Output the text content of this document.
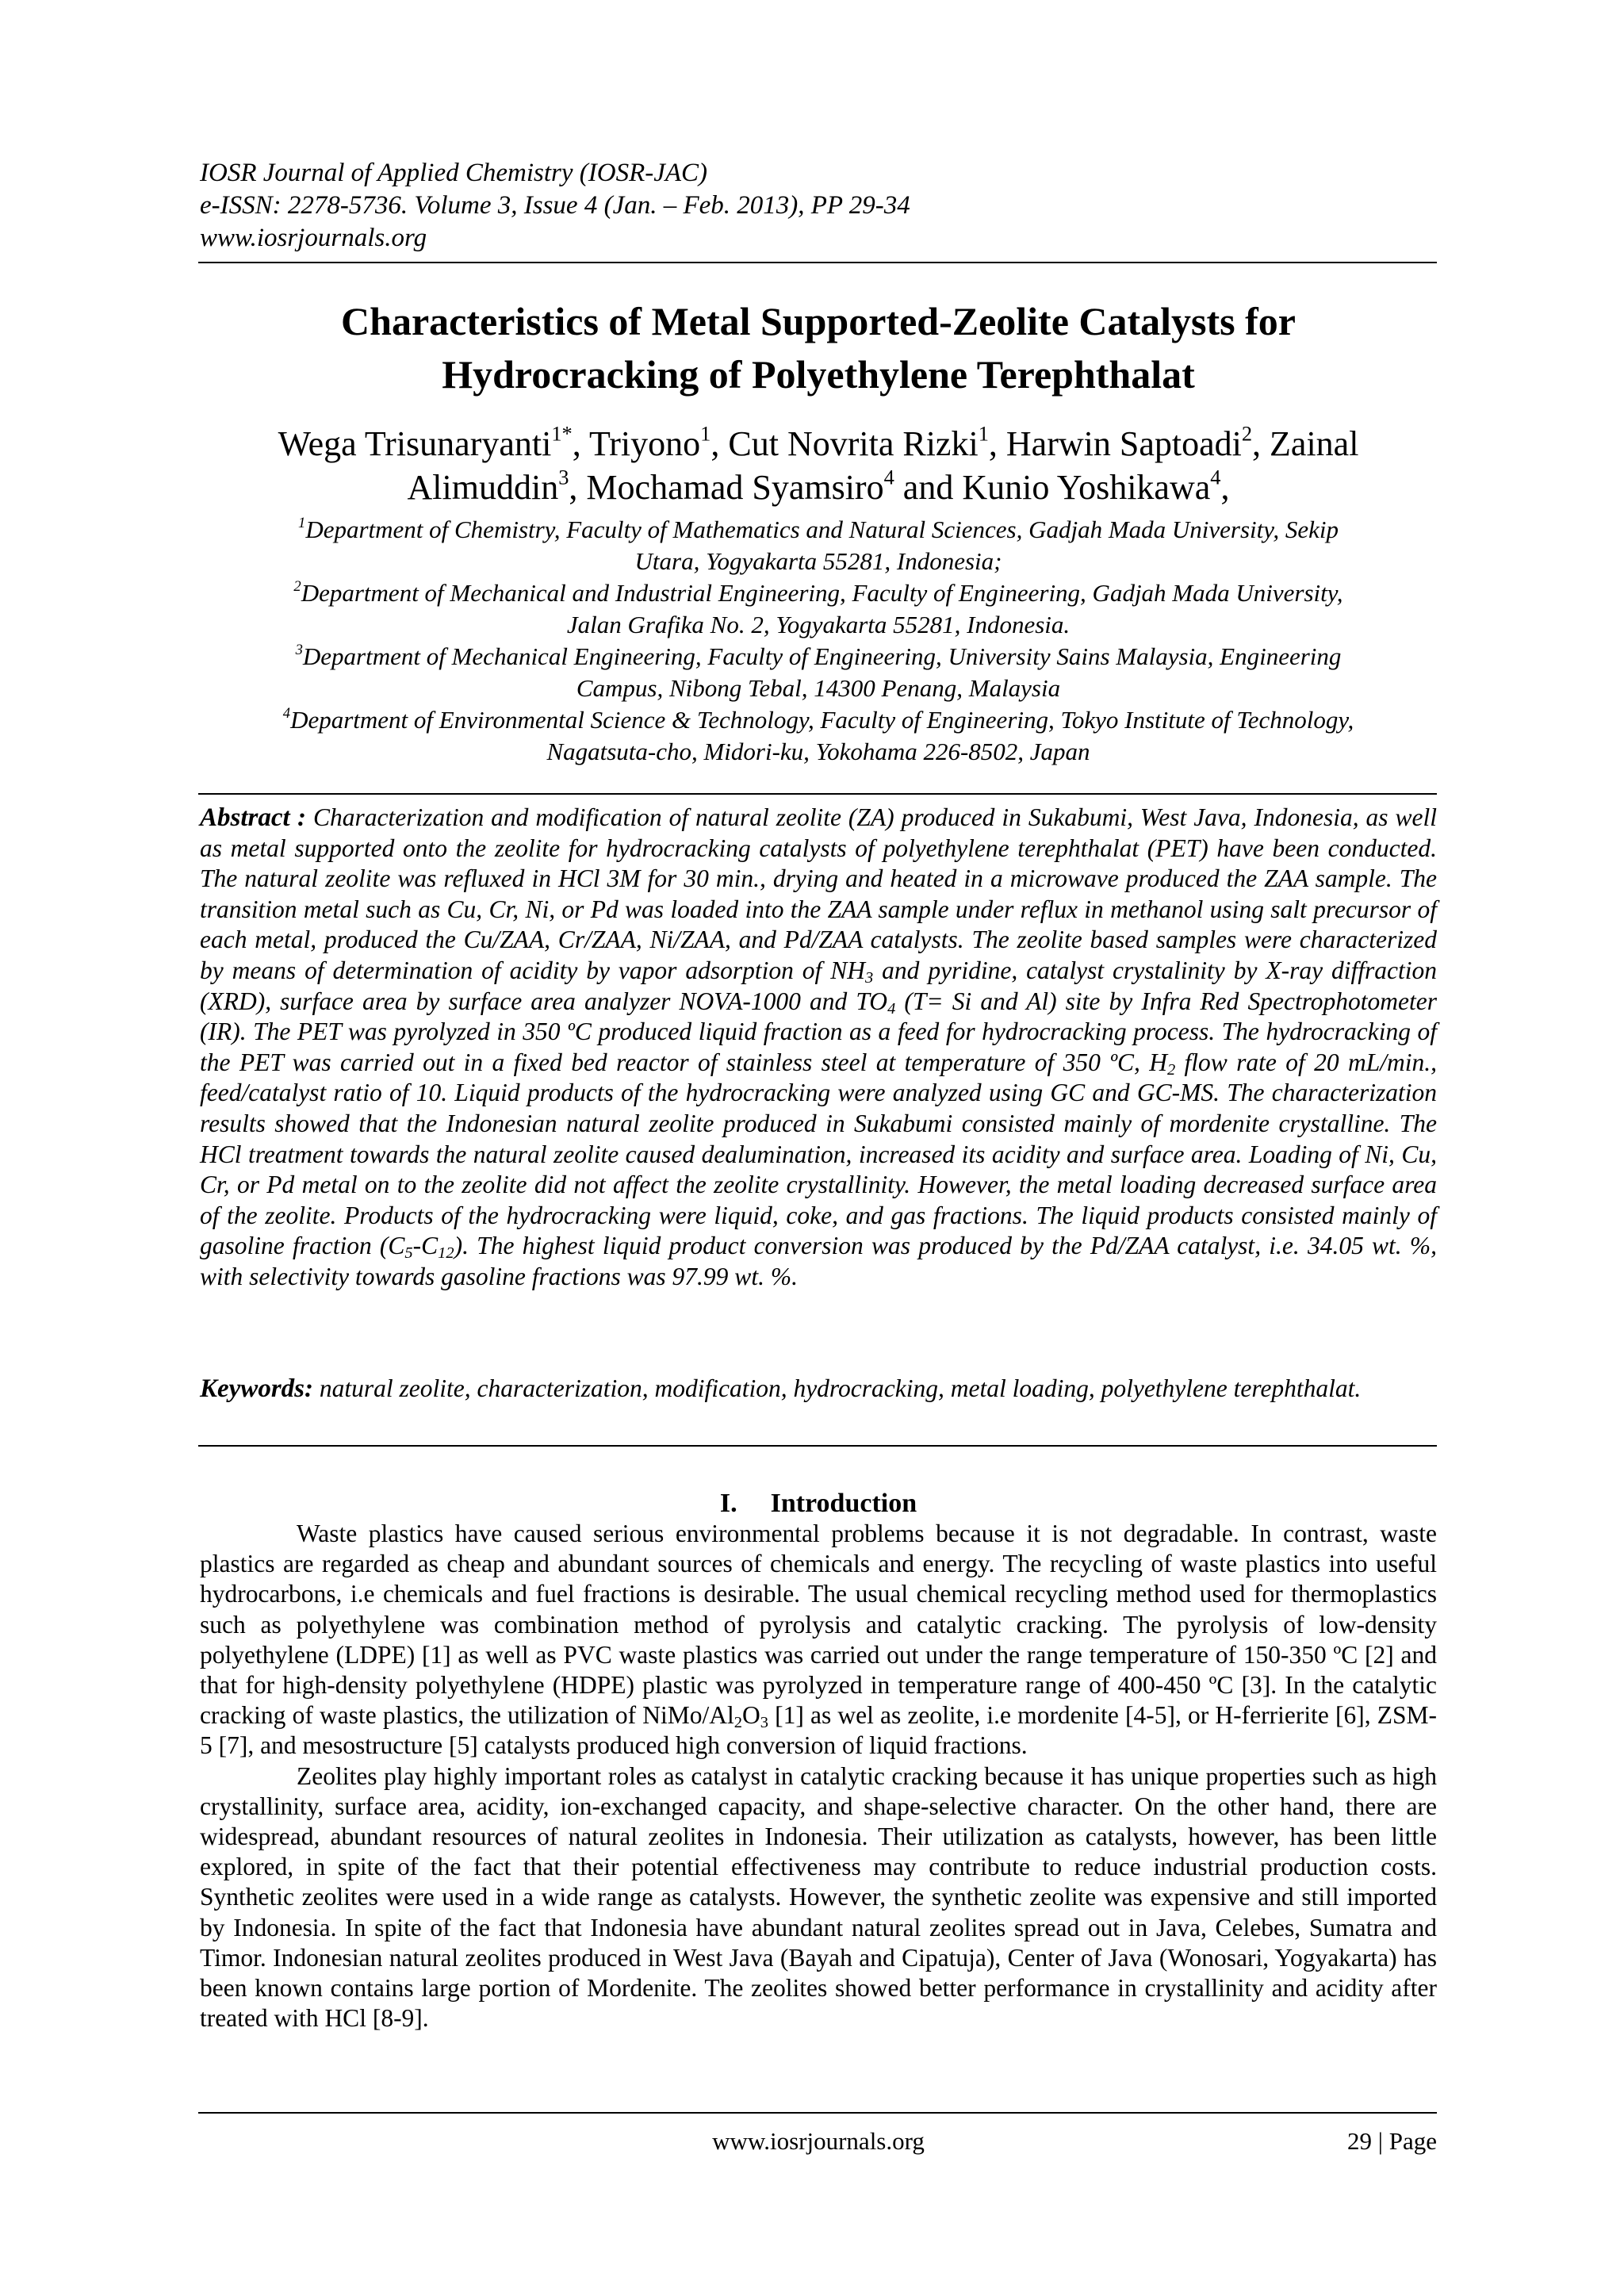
IOSR Journal of Applied Chemistry (IOSR-JAC)
e-ISSN: 2278-5736. Volume 3, Issue 4 (Jan. – Feb. 2013), PP 29-34
www.iosrjournals.org
Characteristics of Metal Supported-Zeolite Catalysts for
Hydrocracking of Polyethylene Terephthalat
Wega Trisunaryanti$^{1*}$, Triyono$^1$, Cut Novrita Rizki$^1$, Harwin Saptoadi$^2$, Zainal Alimuddin$^3$, Mochamad Syamsiro$^4$ and Kunio Yoshikawa$^4$,
$^1$Department of Chemistry, Faculty of Mathematics and Natural Sciences, Gadjah Mada University, Sekip
Utara, Yogyakarta 55281, Indonesia;
$^2$Department of Mechanical and Industrial Engineering, Faculty of Engineering, Gadjah Mada University,
Jalan Grafika No. 2, Yogyakarta 55281, Indonesia.
$^3$Department of Mechanical Engineering, Faculty of Engineering, University Sains Malaysia, Engineering
Campus, Nibong Tebal, 14300 Penang, Malaysia
$^4$Department of Environmental Science & Technology, Faculty of Engineering, Tokyo Institute of Technology,
Nagatsuta-cho, Midori-ku, Yokohama 226-8502, Japan

Abstract : Characterization and modification of natural zeolite (ZA) produced in Sukabumi, West Java, Indonesia, as well as metal supported onto the zeolite for hydrocracking catalysts of polyethylene terephthalat (PET) have been conducted. The natural zeolite was refluxed in HCl 3M for 30 min., drying and heated in a microwave produced the ZAA sample. The transition metal such as Cu, Cr, Ni, or Pd was loaded into the ZAA sample under reflux in methanol using salt precursor of each metal, produced the Cu/ZAA, Cr/ZAA, Ni/ZAA, and Pd/ZAA catalysts. The zeolite based samples were characterized by means of determination of acidity by vapor adsorption of $NH_3$ and pyridine, catalyst crystalinity by X-ray diffraction (XRD), surface area by surface area analyzer NOVA-1000 and $TO_4$ (T= Si and Al) site by Infra Red Spectrophotometer (IR). The PET was pyrolyzed in 350 ºC produced liquid fraction as a feed for hydrocracking process. The hydrocracking of the PET was carried out in a fixed bed reactor of stainless steel at temperature of 350 ºC, $H_2$ flow rate of 20 mL/min., feed/catalyst ratio of 10. Liquid products of the hydrocracking were analyzed using GC and GC-MS. The characterization results showed that the Indonesian natural zeolite produced in Sukabumi consisted mainly of mordenite crystalline. The HCl treatment towards the natural zeolite caused dealumination, increased its acidity and surface area. Loading of Ni, Cu, Cr, or Pd metal on to the zeolite did not affect the zeolite crystallinity. However, the metal loading decreased surface area of the zeolite. Products of the hydrocracking were liquid, coke, and gas fractions. The liquid products consisted mainly of gasoline fraction $(C_5-C_{12})$. The highest liquid product conversion was produced by the Pd/ZAA catalyst, i.e. 34.05 wt. %, with selectivity towards gasoline fractions was 97.99 wt. %.

Keywords: natural zeolite, characterization, modification, hydrocracking, metal loading, polyethylene terephthalat.

I. Introduction

Waste plastics have caused serious environmental problems because it is not degradable. In contrast, waste plastics are regarded as cheap and abundant sources of chemicals and energy. The recycling of waste plastics into useful hydrocarbons, i.e chemicals and fuel fractions is desirable. The usual chemical recycling method used for thermoplastics such as polyethylene was combination method of pyrolysis and catalytic cracking. The pyrolysis of low-density polyethylene (LDPE) [1] as well as PVC waste plastics was carried out under the range temperature of 150-350 ºC [2] and that for high-density polyethylene (HDPE) plastic was pyrolyzed in temperature range of 400-450 ºC [3]. In the catalytic cracking of waste plastics, the utilization of NiMo/$Al_2O_3$ [1] as wel as zeolite, i.e mordenite [4-5], or H-ferrierite [6], ZSM-5 [7], and mesostructure [5] catalysts produced high conversion of liquid fractions.

Zeolites play highly important roles as catalyst in catalytic cracking because it has unique properties such as high crystallinity, surface area, acidity, ion-exchanged capacity, and shape-selective character. On the other hand, there are widespread, abundant resources of natural zeolites in Indonesia. Their utilization as catalysts, however, has been little explored, in spite of the fact that their potential effectiveness may contribute to reduce industrial production costs. Synthetic zeolites were used in a wide range as catalysts. However, the synthetic zeolite was expensive and still imported by Indonesia. In spite of the fact that Indonesia have abundant natural zeolites spread out in Java, Celebes, Sumatra and Timor. Indonesian natural zeolites produced in West Java (Bayah and Cipatuja), Center of Java (Wonosari, Yogyakarta) has been known contains large portion of Mordenite. The zeolites showed better performance in crystallinity and acidity after treated with HCl [8-9].

www.iosrjournals.org	29 | Page
